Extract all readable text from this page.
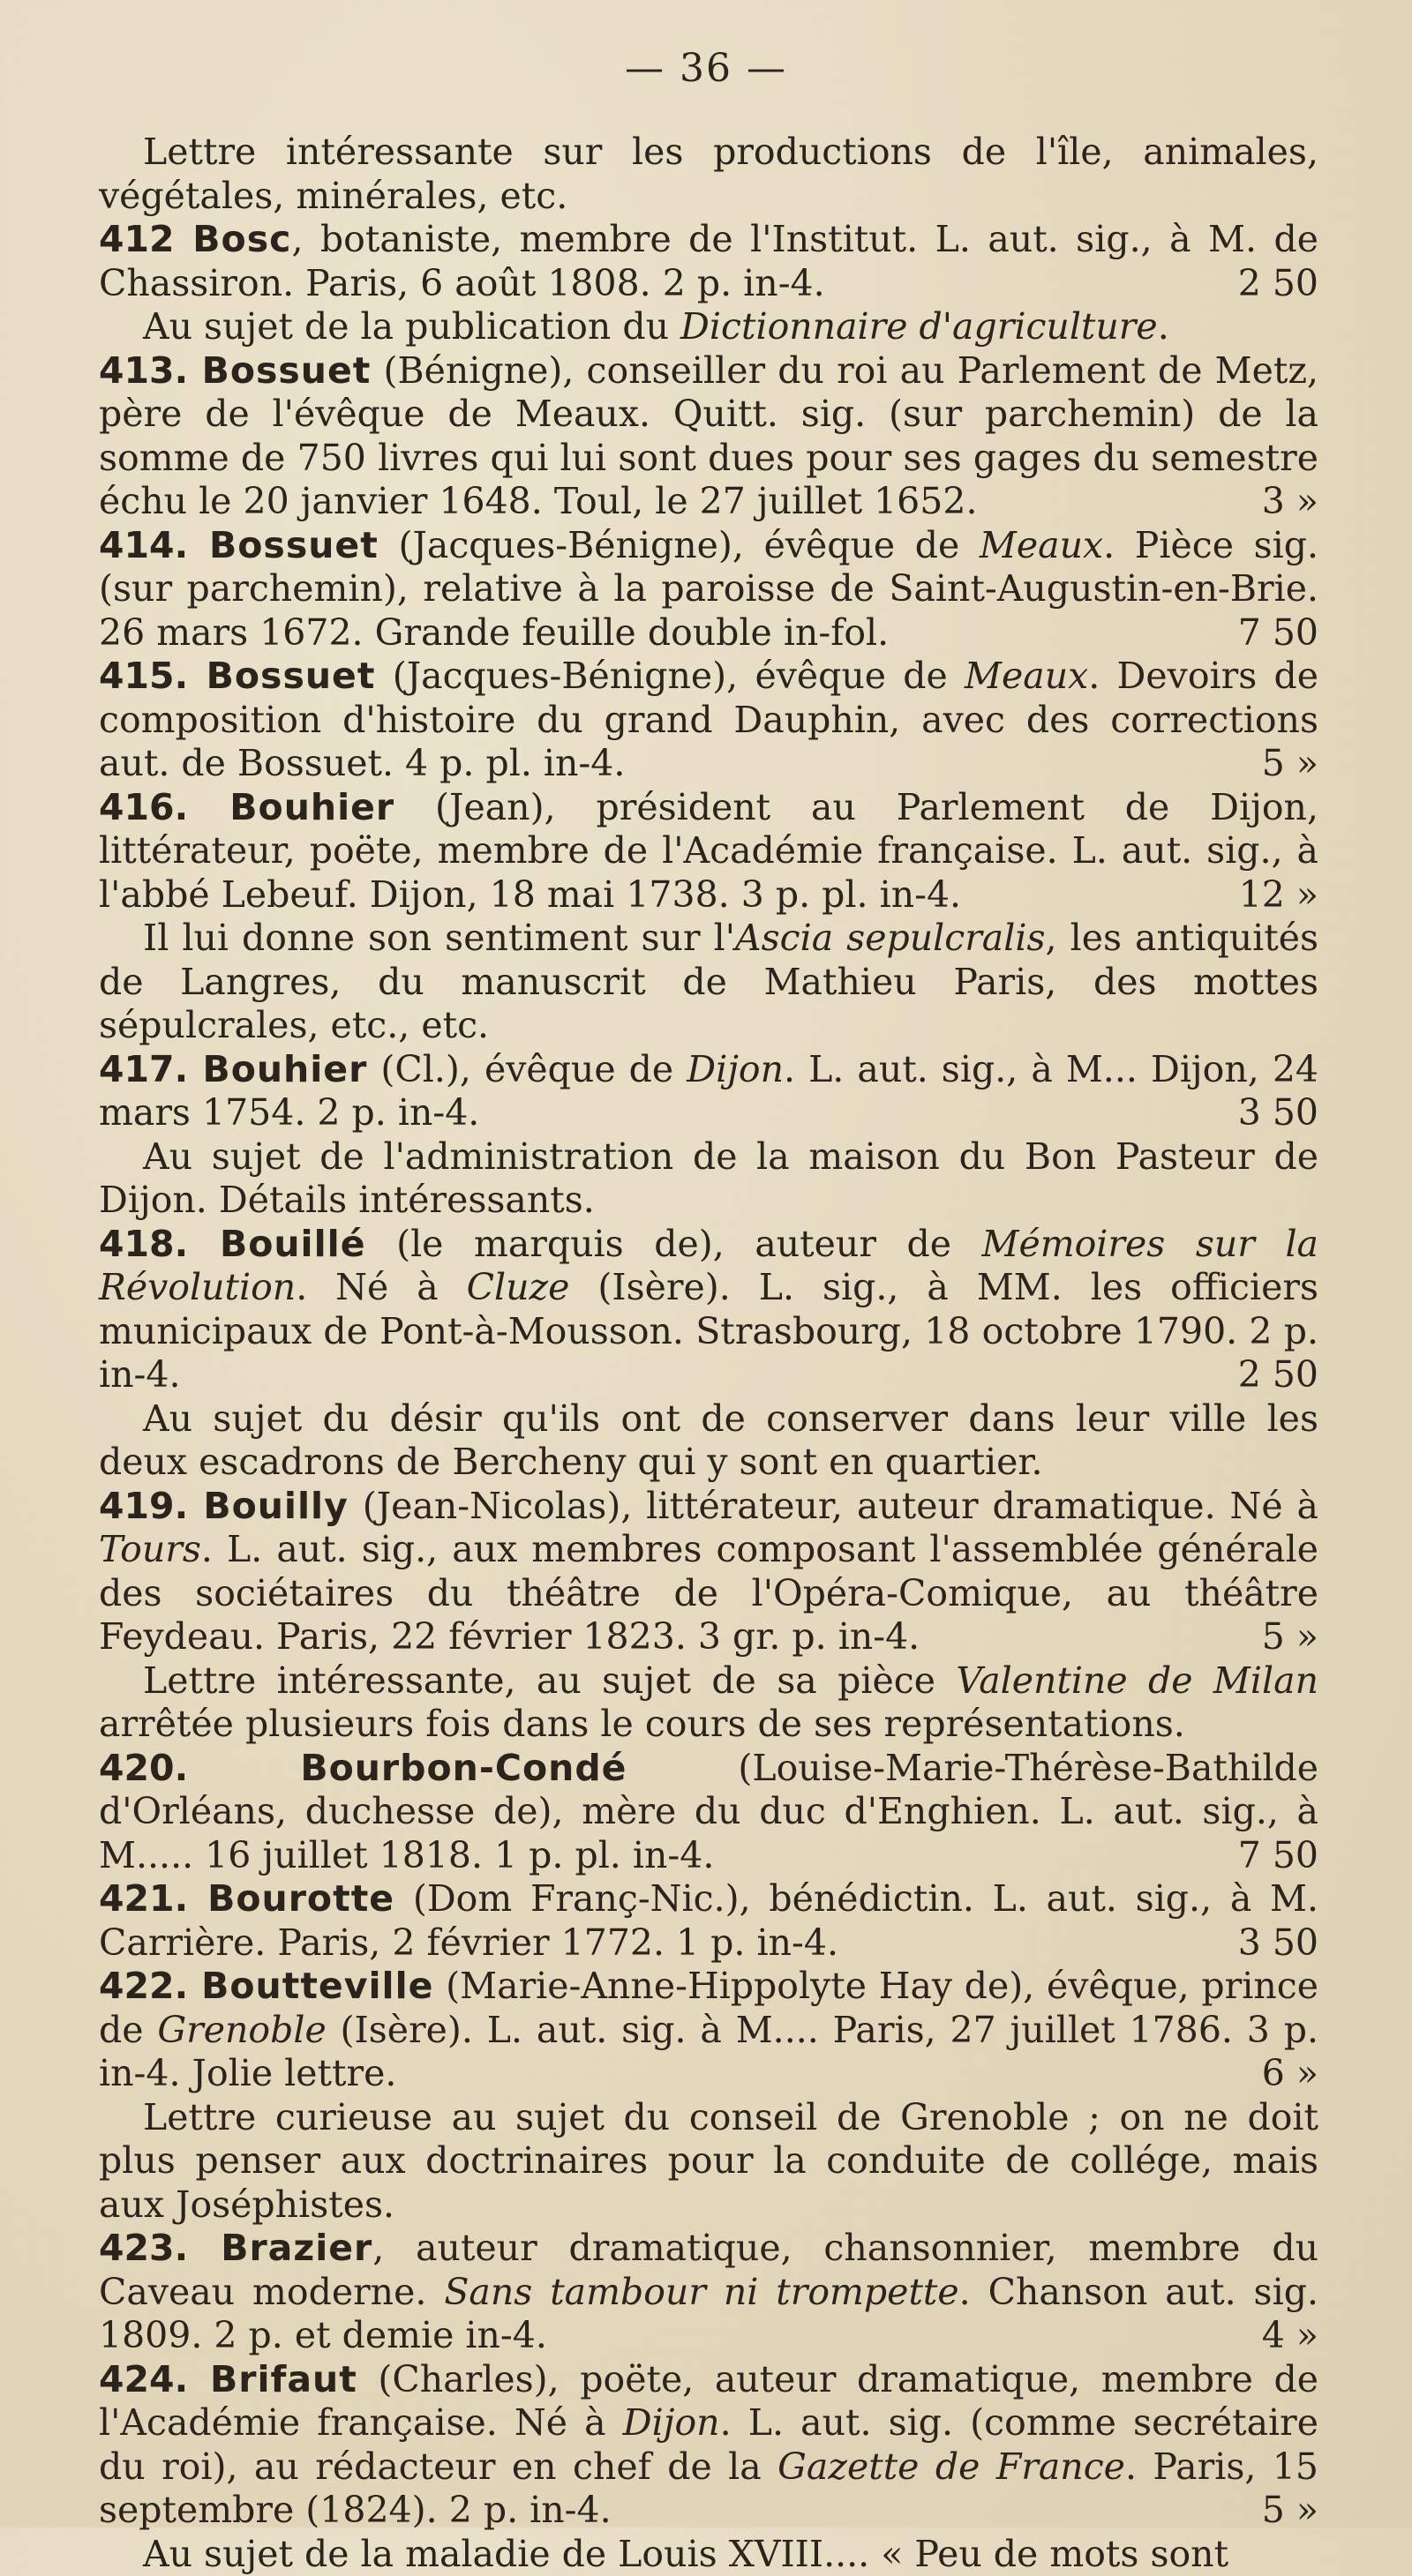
— 36 —

Lettre intéressante sur les productions de l'île, animales, végétales, minérales, etc.

412 Bosc, botaniste, membre de l'Institut. L. aut. sig., à M. de Chassiron. Paris, 6 août 1808. 2 p. in-4.	2 50

Au sujet de la publication du Dictionnaire d'agriculture.

413. Bossuet (Bénigne), conseiller du roi au Parlement de Metz, père de l'évêque de Meaux. Quitt. sig. (sur parchemin) de la somme de 750 livres qui lui sont dues pour ses gages du semestre échu le 20 janvier 1648. Toul, le 27 juillet 1652.	3 »

414. Bossuet (Jacques-Bénigne), évêque de Meaux. Pièce sig. (sur parchemin), relative à la paroisse de Saint-Augustin-en-Brie. 26 mars 1672. Grande feuille double in-fol.	7 50

415. Bossuet (Jacques-Bénigne), évêque de Meaux. Devoirs de composition d'histoire du grand Dauphin, avec des corrections aut. de Bossuet. 4 p. pl. in-4.	5 »

416. Bouhier (Jean), président au Parlement de Dijon, littérateur, poëte, membre de l'Académie française. L. aut. sig., à l'abbé Lebeuf. Dijon, 18 mai 1738. 3 p. pl. in-4.	12 »

Il lui donne son sentiment sur l'Ascia sepulcralis, les antiquités de Langres, du manuscrit de Mathieu Paris, des mottes sépulcrales, etc., etc.

417. Bouhier (Cl.), évêque de Dijon. L. aut. sig., à M... Dijon, 24 mars 1754. 2 p. in-4.	3 50

Au sujet de l'administration de la maison du Bon Pasteur de Dijon. Détails intéressants.

418. Bouillé (le marquis de), auteur de Mémoires sur la Révolution. Né à Cluze (Isère). L. sig., à MM. les officiers municipaux de Pont-à-Mousson. Strasbourg, 18 octobre 1790. 2 p. in-4.	2 50

Au sujet du désir qu'ils ont de conserver dans leur ville les deux escadrons de Bercheny qui y sont en quartier.

419. Bouilly (Jean-Nicolas), littérateur, auteur dramatique. Né à Tours. L. aut. sig., aux membres composant l'assemblée générale des sociétaires du théâtre de l'Opéra-Comique, au théâtre Feydeau. Paris, 22 février 1823. 3 gr. p. in-4.	5 »

Lettre intéressante, au sujet de sa pièce Valentine de Milan arrêtée plusieurs fois dans le cours de ses représentations.

420. Bourbon-Condé (Louise-Marie-Thérèse-Bathilde d'Orléans, duchesse de), mère du duc d'Enghien. L. aut. sig., à M..... 16 juillet 1818. 1 p. pl. in-4.	7 50

421. Bourotte (Dom Franç-Nic.), bénédictin. L. aut. sig., à M. Carrière. Paris, 2 février 1772. 1 p. in-4.	3 50

422. Boutteville (Marie-Anne-Hippolyte Hay de), évêque, prince de Grenoble (Isère). L. aut. sig. à M.... Paris, 27 juillet 1786. 3 p. in-4. Jolie lettre.	6 »

Lettre curieuse au sujet du conseil de Grenoble ; on ne doit plus penser aux doctrinaires pour la conduite de collége, mais aux Joséphistes.

423. Brazier, auteur dramatique, chansonnier, membre du Caveau moderne. Sans tambour ni trompette. Chanson aut. sig. 1809. 2 p. et demie in-4.	4 »

424. Brifaut (Charles), poëte, auteur dramatique, membre de l'Académie française. Né à Dijon. L. aut. sig. (comme secrétaire du roi), au rédacteur en chef de la Gazette de France. Paris, 15 septembre (1824). 2 p. in-4.	5 »

Au sujet de la maladie de Louis XVIII.... « Peu de mots sont
